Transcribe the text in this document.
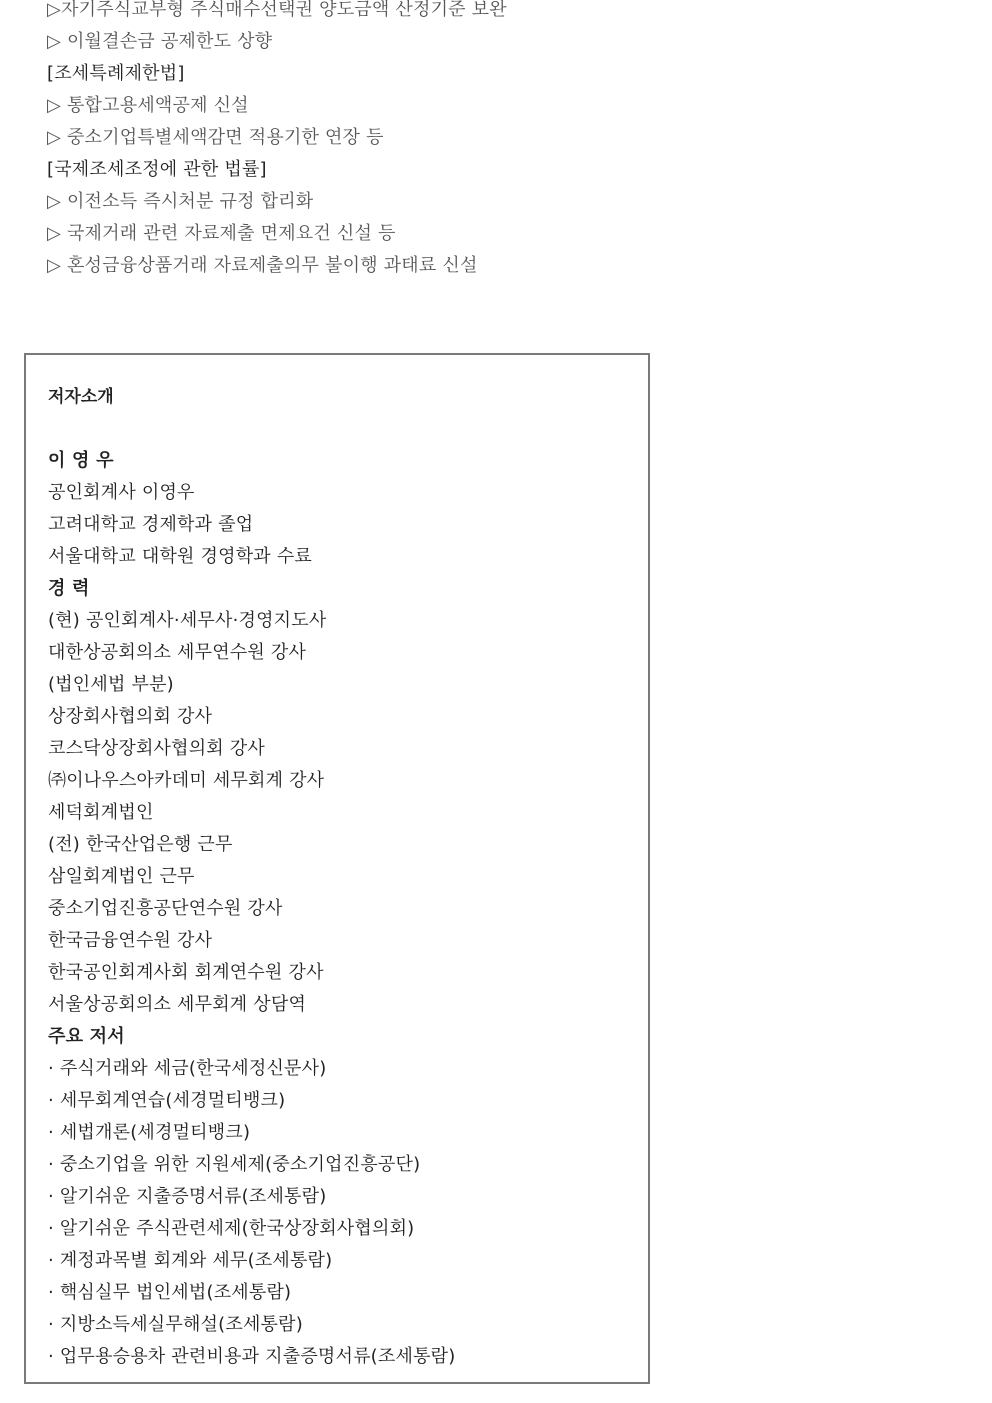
▷자기주식교부형 주식매수선택권 양도금액 산정기준 보완
▷ 이월결손금 공제한도 상향
[조세특례제한법]
▷ 통합고용세액공제 신설
▷ 중소기업특별세액감면 적용기한 연장 등
[국제조세조정에 관한 법률]
▷ 이전소득 즉시처분 규정 합리화
▷ 국제거래 관련 자료제출 면제요건 신설 등
▷ 혼성금융상품거래 자료제출의무 불이행 과태료 신설
저자소개
이 영 우
공인회계사 이영우
고려대학교 경제학과 졸업
서울대학교 대학원 경영학과 수료
경 력
(현) 공인회계사·세무사·경영지도사
대한상공회의소 세무연수원 강사
(법인세법 부분)
상장회사협의회 강사
코스닥상장회사협의회 강사
㈜이나우스아카데미 세무회계 강사
세덕회계법인
(전) 한국산업은행 근무
삼일회계법인 근무
중소기업진흥공단연수원 강사
한국금융연수원 강사
한국공인회계사회 회계연수원 강사
서울상공회의소 세무회계 상담역
주요 저서
· 주식거래와 세금(한국세정신문사)
· 세무회계연습(세경멀티뱅크)
· 세법개론(세경멀티뱅크)
· 중소기업을 위한 지원세제(중소기업진흥공단)
· 알기쉬운 지출증명서류(조세통람)
· 알기쉬운 주식관련세제(한국상장회사협의회)
· 계정과목별 회계와 세무(조세통람)
· 핵심실무 법인세법(조세통람)
· 지방소득세실무해설(조세통람)
· 업무용승용차 관련비용과 지출증명서류(조세통람)
